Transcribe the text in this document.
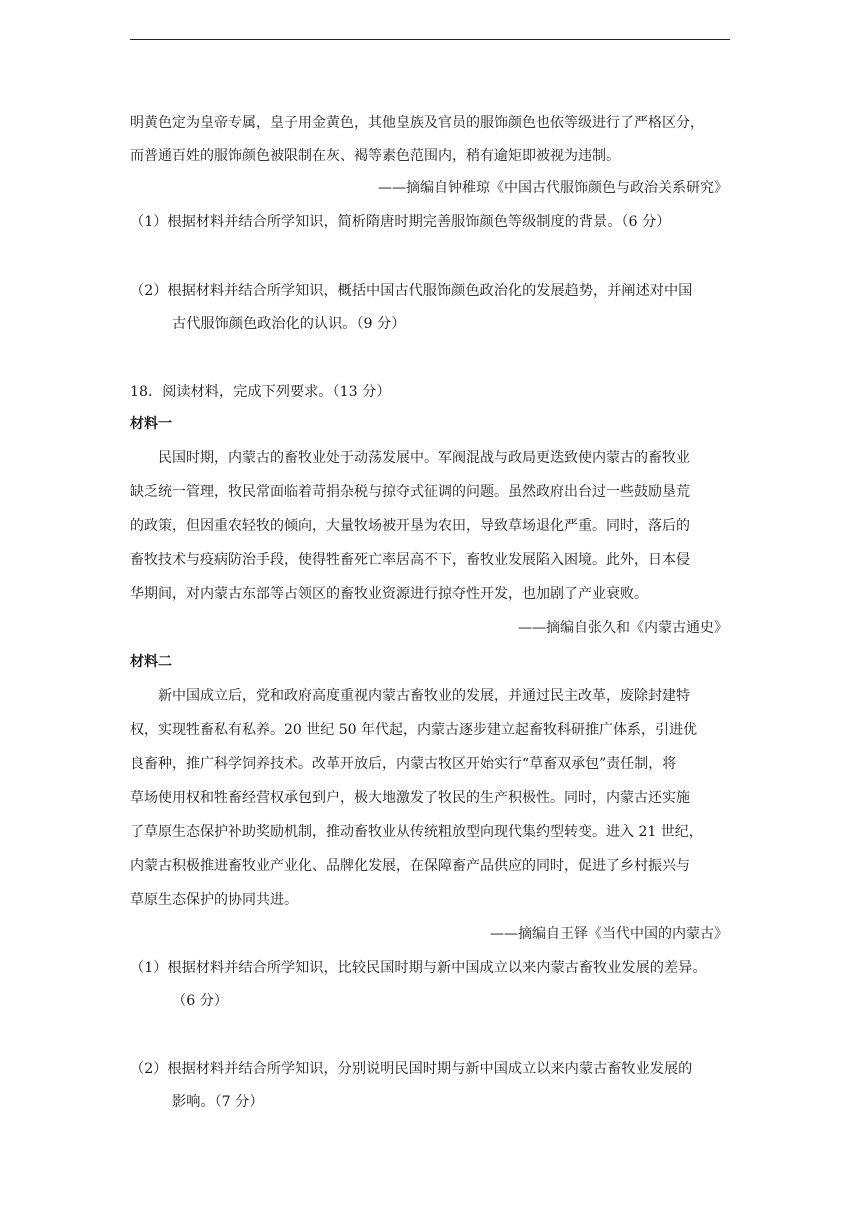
明黄色定为皇帝专属，皇子用金黄色，其他皇族及官员的服饰颜色也依等级进行了严格区分，
而普通百姓的服饰颜色被限制在灰、褐等素色范围内，稍有逾矩即被视为违制。
——摘编自钟稚琼《中国古代服饰颜色与政治关系研究》
（1）根据材料并结合所学知识，简析隋唐时期完善服饰颜色等级制度的背景。（6 分）
（2）根据材料并结合所学知识，概括中国古代服饰颜色政治化的发展趋势，并阐述对中国
古代服饰颜色政治化的认识。（9 分）
18．阅读材料，完成下列要求。（13 分）
材料一
民国时期，内蒙古的畜牧业处于动荡发展中。军阀混战与政局更迭致使内蒙古的畜牧业
缺乏统一管理，牧民常面临着苛捐杂税与掠夺式征调的问题。虽然政府出台过一些鼓励垦荒
的政策，但因重农轻牧的倾向，大量牧场被开垦为农田，导致草场退化严重。同时，落后的
畜牧技术与疫病防治手段，使得牲畜死亡率居高不下，畜牧业发展陷入困境。此外，日本侵
华期间，对内蒙古东部等占领区的畜牧业资源进行掠夺性开发，也加剧了产业衰败。
——摘编自张久和《内蒙古通史》
材料二
新中国成立后，党和政府高度重视内蒙古畜牧业的发展，并通过民主改革，废除封建特
权，实现牲畜私有私养。20 世纪 50 年代起，内蒙古逐步建立起畜牧科研推广体系，引进优
良畜种，推广科学饲养技术。改革开放后，内蒙古牧区开始实行“草畜双承包”责任制，将
草场使用权和牲畜经营权承包到户，极大地激发了牧民的生产积极性。同时，内蒙古还实施
了草原生态保护补助奖励机制，推动畜牧业从传统粗放型向现代集约型转变。进入 21 世纪，
内蒙古积极推进畜牧业产业化、品牌化发展，在保障畜产品供应的同时，促进了乡村振兴与
草原生态保护的协同共进。
——摘编自王铎《当代中国的内蒙古》
（1）根据材料并结合所学知识，比较民国时期与新中国成立以来内蒙古畜牧业发展的差异。
（6 分）
（2）根据材料并结合所学知识，分别说明民国时期与新中国成立以来内蒙古畜牧业发展的
影响。（7 分）
